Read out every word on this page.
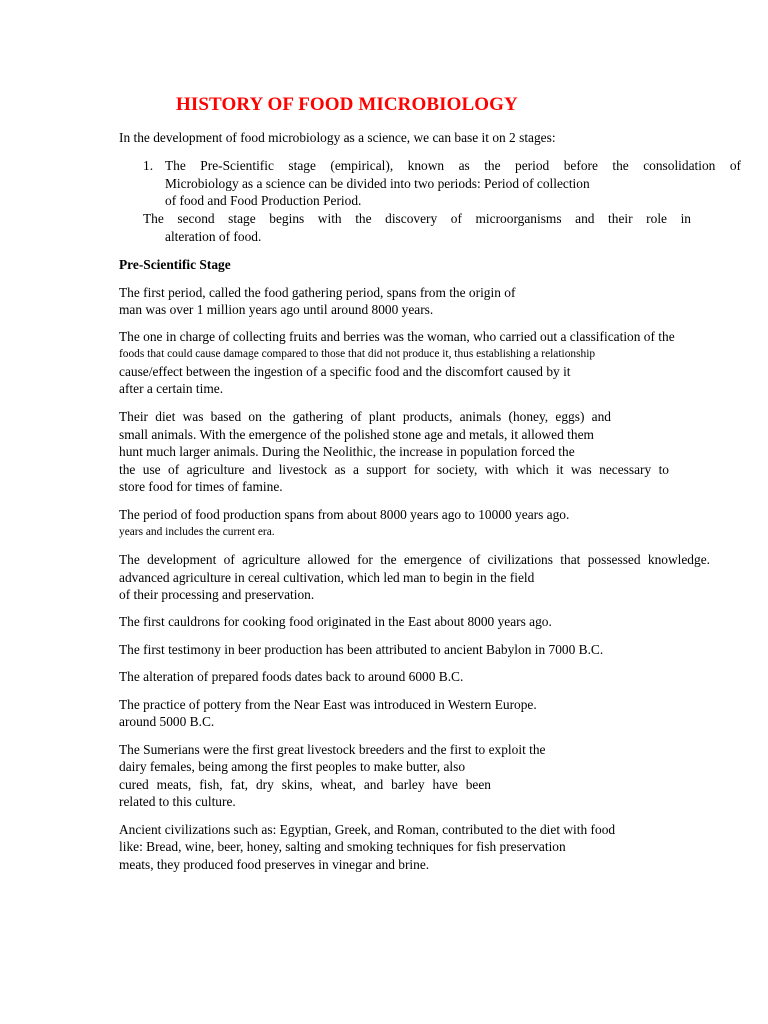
HISTORY OF FOOD MICROBIOLOGY
In the development of food microbiology as a science, we can base it on 2 stages:
1. The Pre-Scientific stage (empirical), known as the period before the consolidation of
Microbiology as a science can be divided into two periods: Period of collection
of food and Food Production Period.
The second stage begins with the discovery of microorganisms and their role in
alteration of food.
Pre-Scientific Stage
The first period, called the food gathering period, spans from the origin of
man was over 1 million years ago until around 8000 years.
The one in charge of collecting fruits and berries was the woman, who carried out a classification of the
foods that could cause damage compared to those that did not produce it, thus establishing a relationship
cause/effect between the ingestion of a specific food and the discomfort caused by it
after a certain time.
Their diet was based on the gathering of plant products, animals (honey, eggs) and
small animals. With the emergence of the polished stone age and metals, it allowed them
hunt much larger animals. During the Neolithic, the increase in population forced the
the use of agriculture and livestock as a support for society, with which it was necessary to
store food for times of famine.
The period of food production spans from about 8000 years ago to 10000 years ago.
years and includes the current era.
The development of agriculture allowed for the emergence of civilizations that possessed knowledge.
advanced agriculture in cereal cultivation, which led man to begin in the field
of their processing and preservation.
The first cauldrons for cooking food originated in the East about 8000 years ago.
The first testimony in beer production has been attributed to ancient Babylon in 7000 B.C.
The alteration of prepared foods dates back to around 6000 B.C.
The practice of pottery from the Near East was introduced in Western Europe.
around 5000 B.C.
The Sumerians were the first great livestock breeders and the first to exploit the
dairy females, being among the first peoples to make butter, also
cured meats, fish, fat, dry skins, wheat, and barley have been
related to this culture.
Ancient civilizations such as: Egyptian, Greek, and Roman, contributed to the diet with food
like: Bread, wine, beer, honey, salting and smoking techniques for fish preservation
meats, they produced food preserves in vinegar and brine.
